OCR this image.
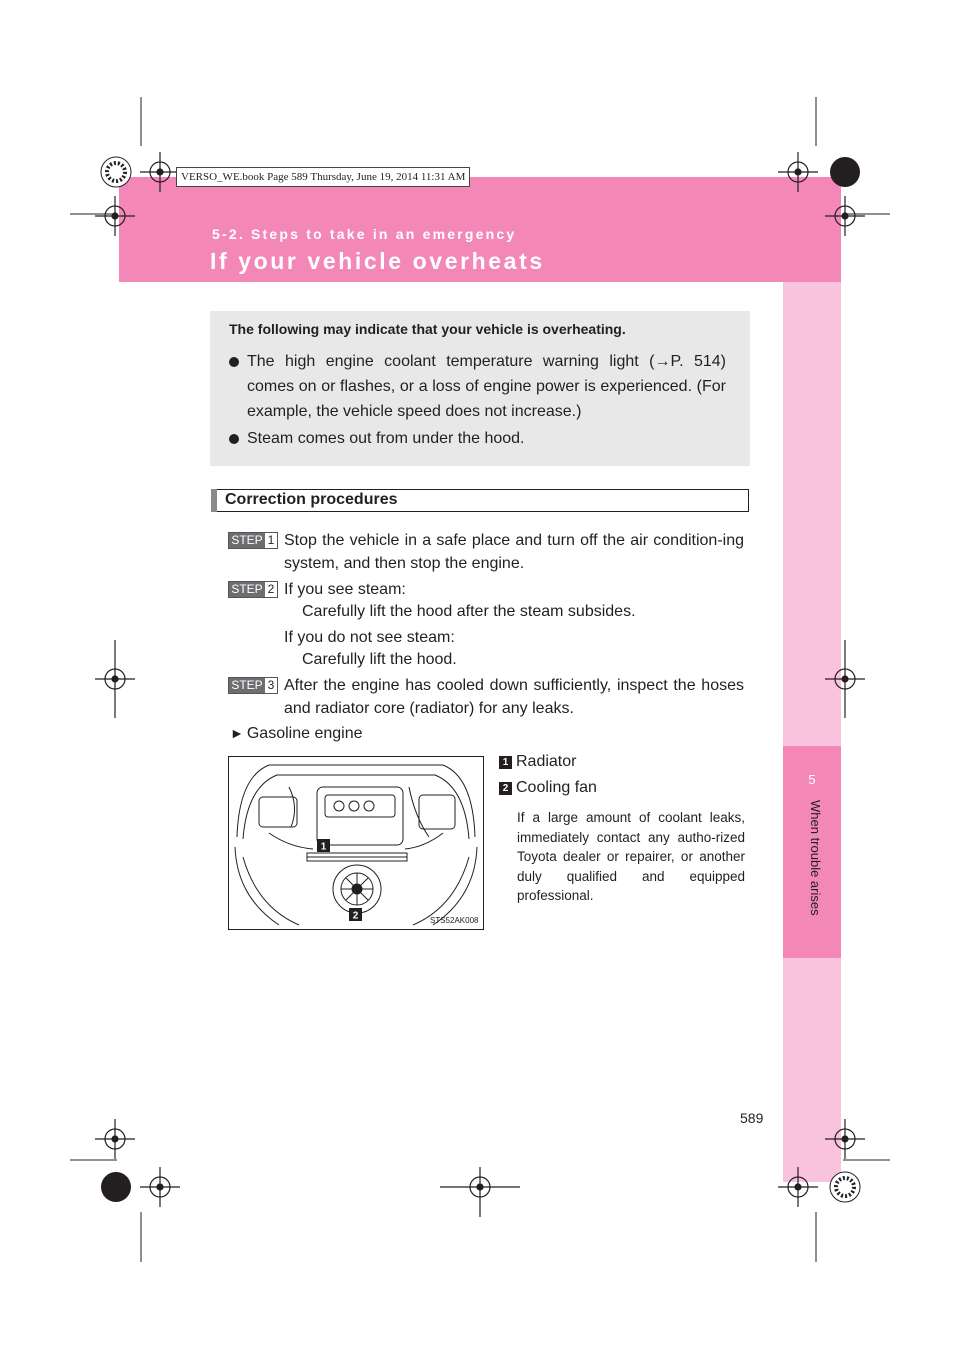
5-2. Steps to take in an emergency
If your vehicle overheats
5
When trouble arises
VERSO_WE.book Page 589 Thursday, June 19, 2014 11:31 AM
The following may indicate that your vehicle is overheating.
The high engine coolant temperature warning light (→P. 514) comes on or flashes, or a loss of engine power is experienced. (For example, the vehicle speed does not increase.)
Steam comes out from under the hood.
Correction procedures
STEP 1 Stop the vehicle in a safe place and turn off the air condition-ing system, and then stop the engine.
STEP 2 If you see steam:
Carefully lift the hood after the steam subsides.
If you do not see steam:
Carefully lift the hood.
STEP 3 After the engine has cooled down sufficiently, inspect the hoses and radiator core (radiator) for any leaks.
► Gasoline engine
1
2	STS52AK008
1 Radiator
2 Cooling fan
If a large amount of coolant leaks, immediately contact any autho-rized Toyota dealer or repairer, or another duly qualified and equipped professional.
589
